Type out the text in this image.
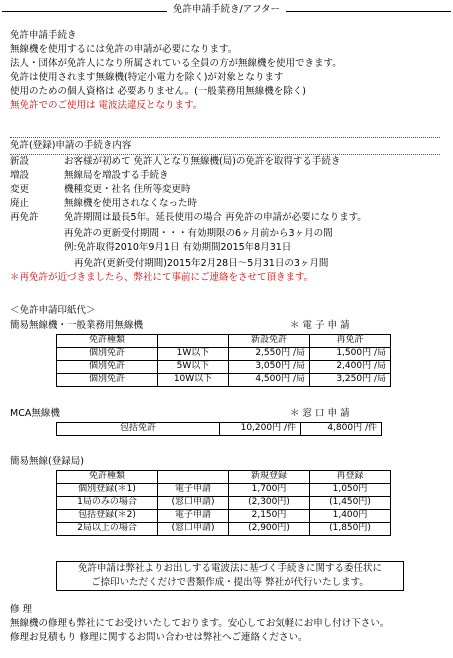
免許申請手続き/アフター
免許申請手続き
無線機を使用するには免許の申請が必要になります。
法人・団体が免許人になり所属されている全員の方が無線機を使用できます。
免許は使用されます無線機(特定小電力を除く)が対象となります
使用のための個人資格は 必要ありません。(一般業務用無線機を除く)
無免許でのご使用は 電波法違反となります。
免許(登録)申請の手続き内容
新設	お客様が初めて 免許人となり無線機(局)の免許を取得する手続き
増設	無線局を増設する手続き
変更	機種変更・社名 住所等変更時
廃止	無線機を使用されなくなった時
再免許	免許期間は最長5年。延長使用の場合 再免許の申請が必要になります。
再免許の更新受付期間・・・有効期限の6ヶ月前から3ヶ月の間
例:免許取得2010年9月1日 有効期間2015年8月31日
再免許(更新受付期間)2015年2月28日～5月31日の3ヶ月間
＊再免許が近づきましたら、弊社にて事前にご連絡をさせて頂きます。
＜免許申請印紙代＞
簡易無線機・一般業務用無線機	＊ 電 子 申 請
免許種類		新設免許	再免許
個別免許	1W以下	2,550円 /局	1,500円 /局
個別免許	5W以下	3,050円 /局	2,400円 /局
個別免許	10W以下	4,500円 /局	3,250円 /局
MCA無線機	＊ 窓 口 申 請
包括免許	10,200円 /件	4,800円 /件
簡易無線(登録局)
免許種類		新規登録	再登録
個別登録(＊1)	電子申請	1,700円	1,050円
1局のみの場合	(窓口申請)	(2,300円)	(1,450円)
包括登録(＊2)	電子申請	2,150円	1,400円
2局以上の場合	(窓口申請)	(2,900円)	(1,850円)
免許申請は弊社よりお出しする電波法に基づく手続きに関する委任状に
ご捺印いただくだけで書類作成・提出等 弊社が代行いたします。
修 理
無線機の修理も弊社にてお受けいたしております。安心してお気軽にお申し付け下さい。
修理お見積もり 修理に関するお問い合わせは弊社へご連絡ください。
